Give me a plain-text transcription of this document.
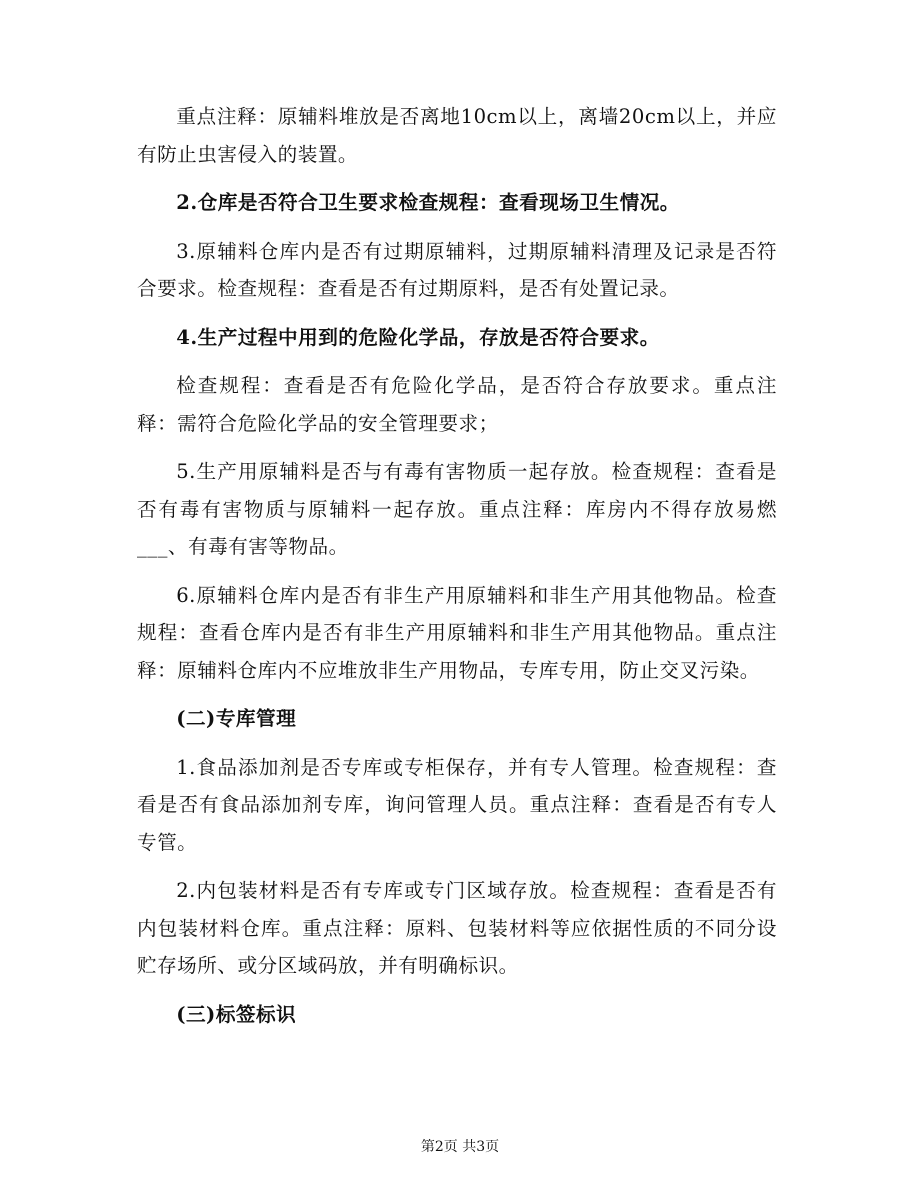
重点注释：原辅料堆放是否离地10cm以上，离墙20cm以上，并应有防止虫害侵入的装置。

2.仓库是否符合卫生要求检查规程：查看现场卫生情况。

3.原辅料仓库内是否有过期原辅料，过期原辅料清理及记录是否符合要求。检查规程：查看是否有过期原料，是否有处置记录。

4.生产过程中用到的危险化学品，存放是否符合要求。

检查规程：查看是否有危险化学品，是否符合存放要求。重点注释：需符合危险化学品的安全管理要求；

5.生产用原辅料是否与有毒有害物质一起存放。检查规程：查看是否有毒有害物质与原辅料一起存放。重点注释：库房内不得存放易燃___、有毒有害等物品。

6.原辅料仓库内是否有非生产用原辅料和非生产用其他物品。检查规程：查看仓库内是否有非生产用原辅料和非生产用其他物品。重点注释：原辅料仓库内不应堆放非生产用物品，专库专用，防止交叉污染。

(二)专库管理

1.食品添加剂是否专库或专柜保存，并有专人管理。检查规程：查看是否有食品添加剂专库，询问管理人员。重点注释：查看是否有专人专管。

2.内包装材料是否有专库或专门区域存放。检查规程：查看是否有内包装材料仓库。重点注释：原料、包装材料等应依据性质的不同分设贮存场所、或分区域码放，并有明确标识。

(三)标签标识

第2页 共3页
